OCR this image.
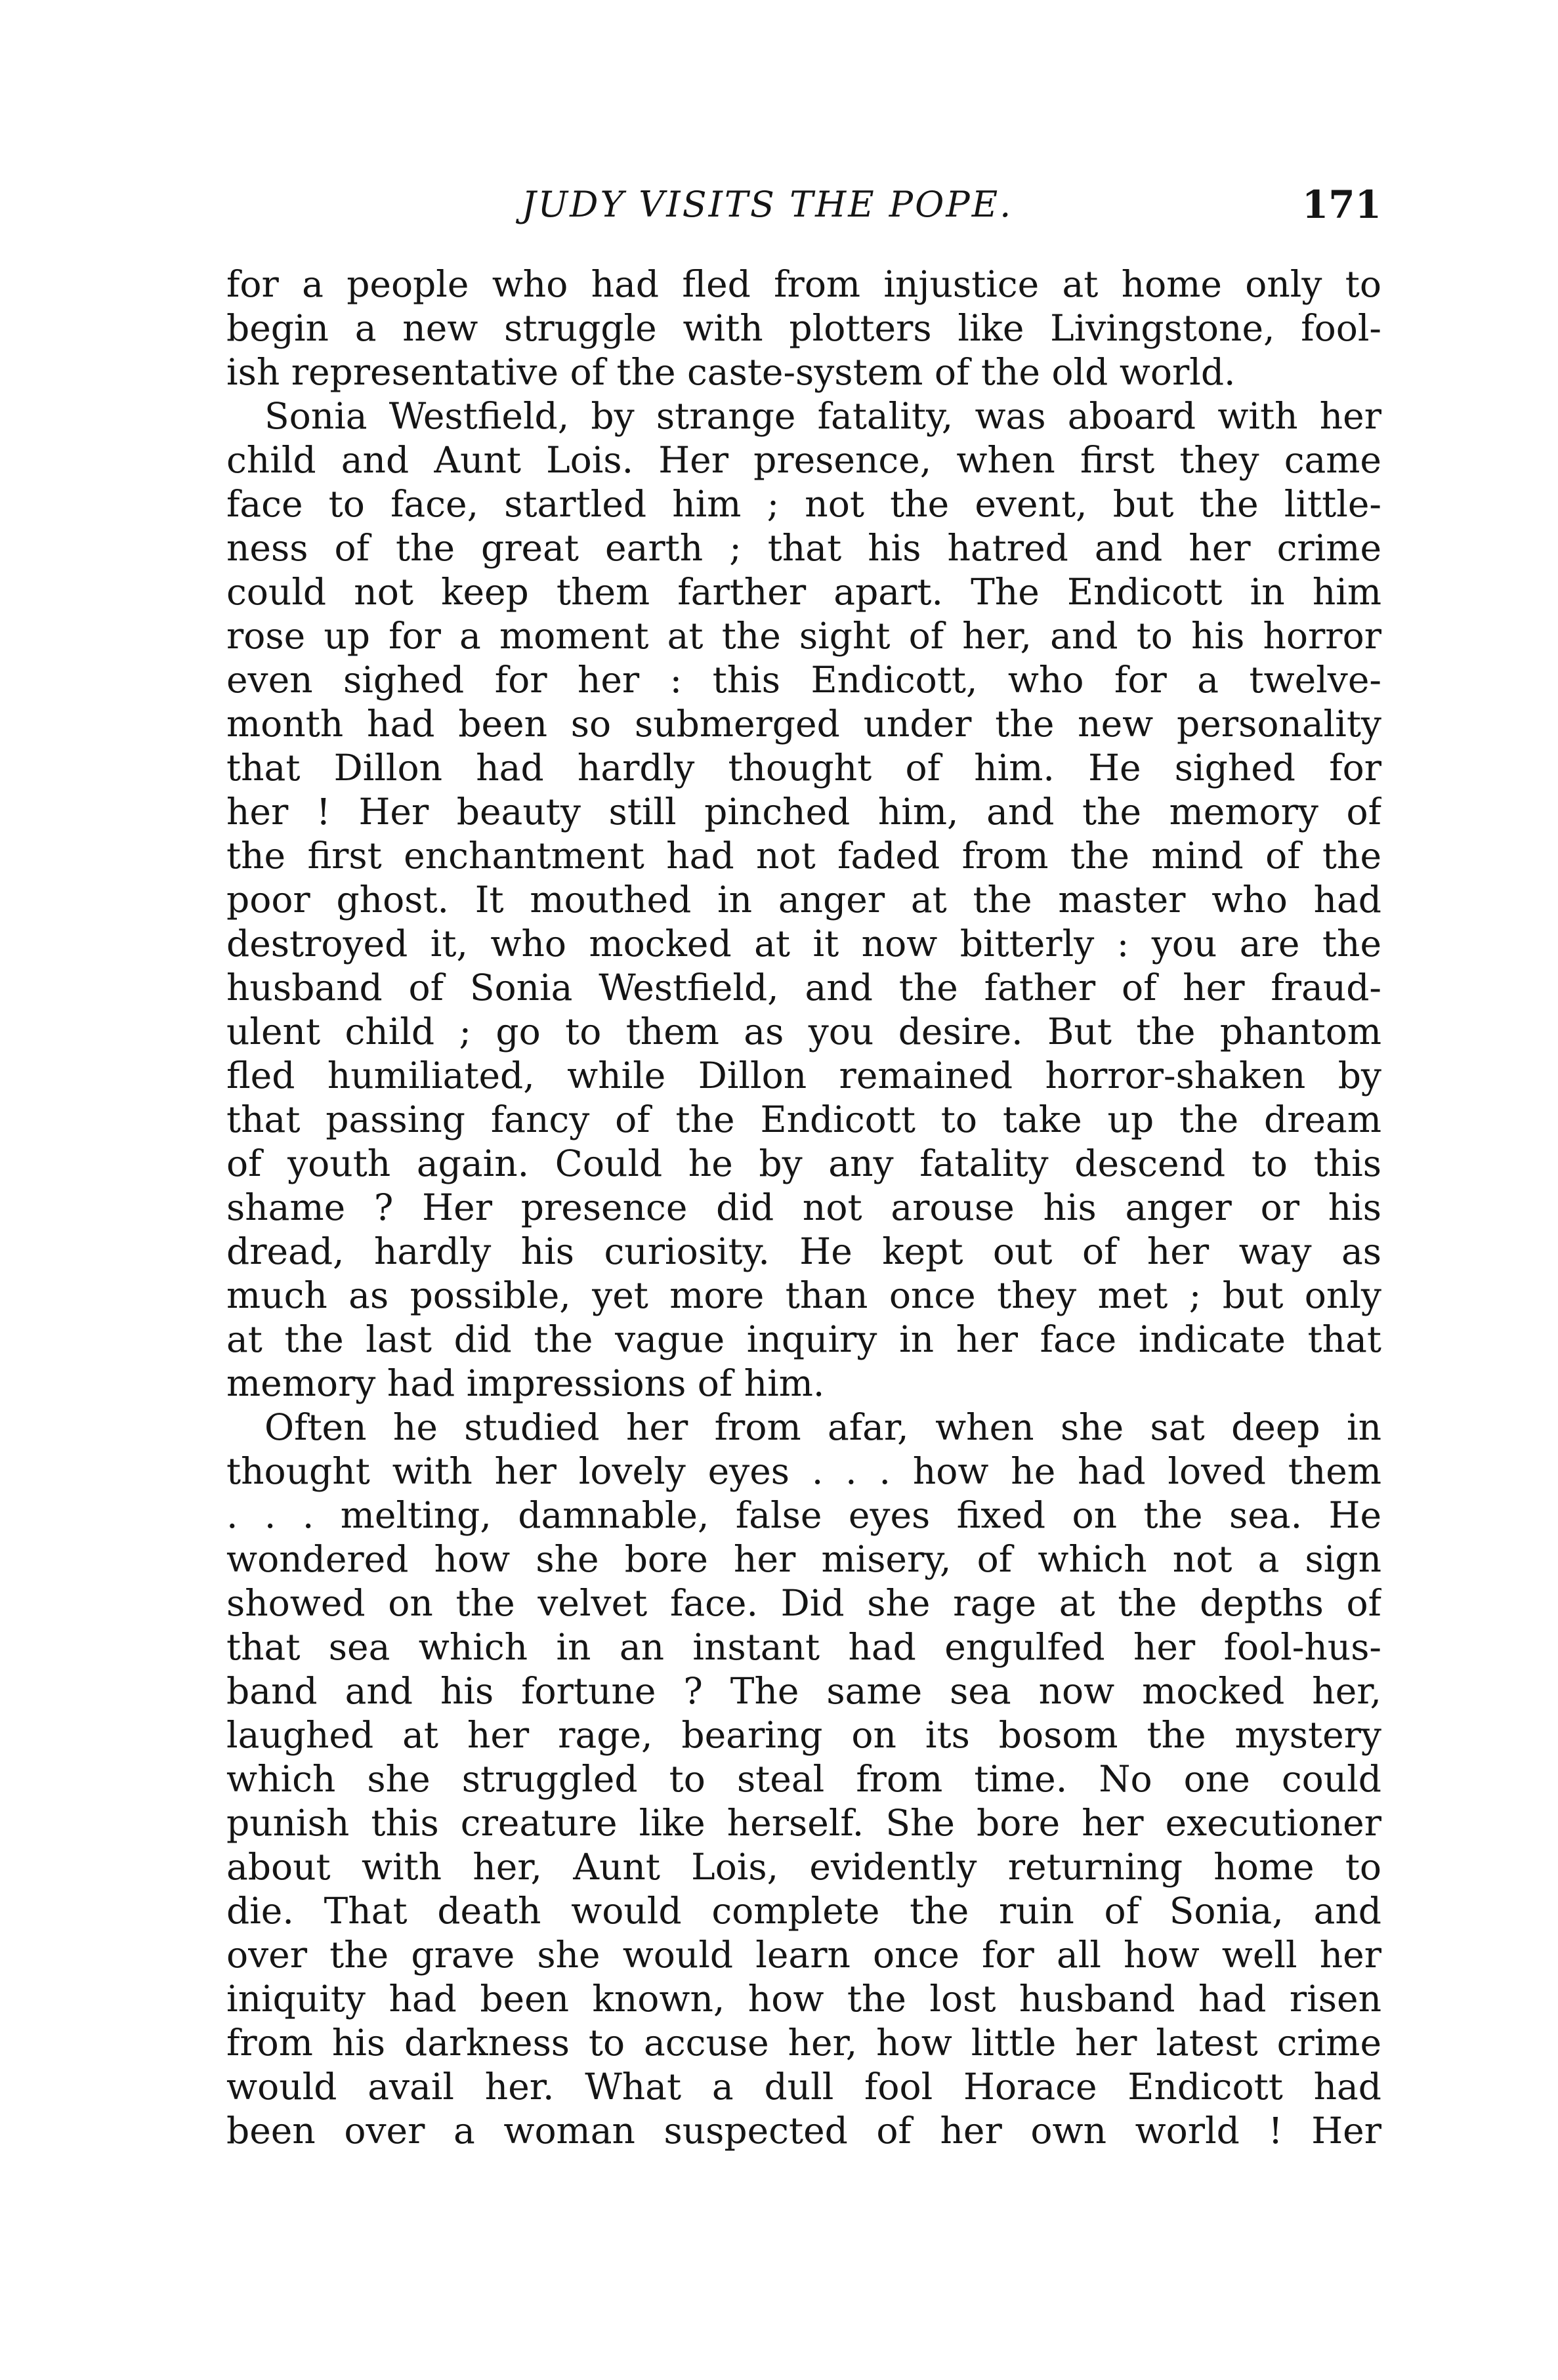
JUDY VISITS THE POPE.	171
for a people who had fled from injustice at home only to
begin a new struggle with plotters like Livingstone, fool-
ish representative of the caste-system of the old world.
Sonia Westfield, by strange fatality, was aboard with her
child and Aunt Lois. Her presence, when first they came
face to face, startled him ; not the event, but the little-
ness of the great earth ; that his hatred and her crime
could not keep them farther apart. The Endicott in him
rose up for a moment at the sight of her, and to his horror
even sighed for her : this Endicott, who for a twelve-
month had been so submerged under the new personality
that Dillon had hardly thought of him. He sighed for
her ! Her beauty still pinched him, and the memory of
the first enchantment had not faded from the mind of the
poor ghost. It mouthed in anger at the master who had
destroyed it, who mocked at it now bitterly : you are the
husband of Sonia Westfield, and the father of her fraud-
ulent child ; go to them as you desire. But the phantom
fled humiliated, while Dillon remained horror-shaken by
that passing fancy of the Endicott to take up the dream
of youth again. Could he by any fatality descend to this
shame ? Her presence did not arouse his anger or his
dread, hardly his curiosity. He kept out of her way as
much as possible, yet more than once they met ; but only
at the last did the vague inquiry in her face indicate that
memory had impressions of him.
Often he studied her from afar, when she sat deep in
thought with her lovely eyes . . . how he had loved them
. . . melting, damnable, false eyes fixed on the sea. He
wondered how she bore her misery, of which not a sign
showed on the velvet face. Did she rage at the depths of
that sea which in an instant had engulfed her fool-hus-
band and his fortune ? The same sea now mocked her,
laughed at her rage, bearing on its bosom the mystery
which she struggled to steal from time. No one could
punish this creature like herself. She bore her executioner
about with her, Aunt Lois, evidently returning home to
die. That death would complete the ruin of Sonia, and
over the grave she would learn once for all how well her
iniquity had been known, how the lost husband had risen
from his darkness to accuse her, how little her latest crime
would avail her. What a dull fool Horace Endicott had
been over a woman suspected of her own world ! Her
